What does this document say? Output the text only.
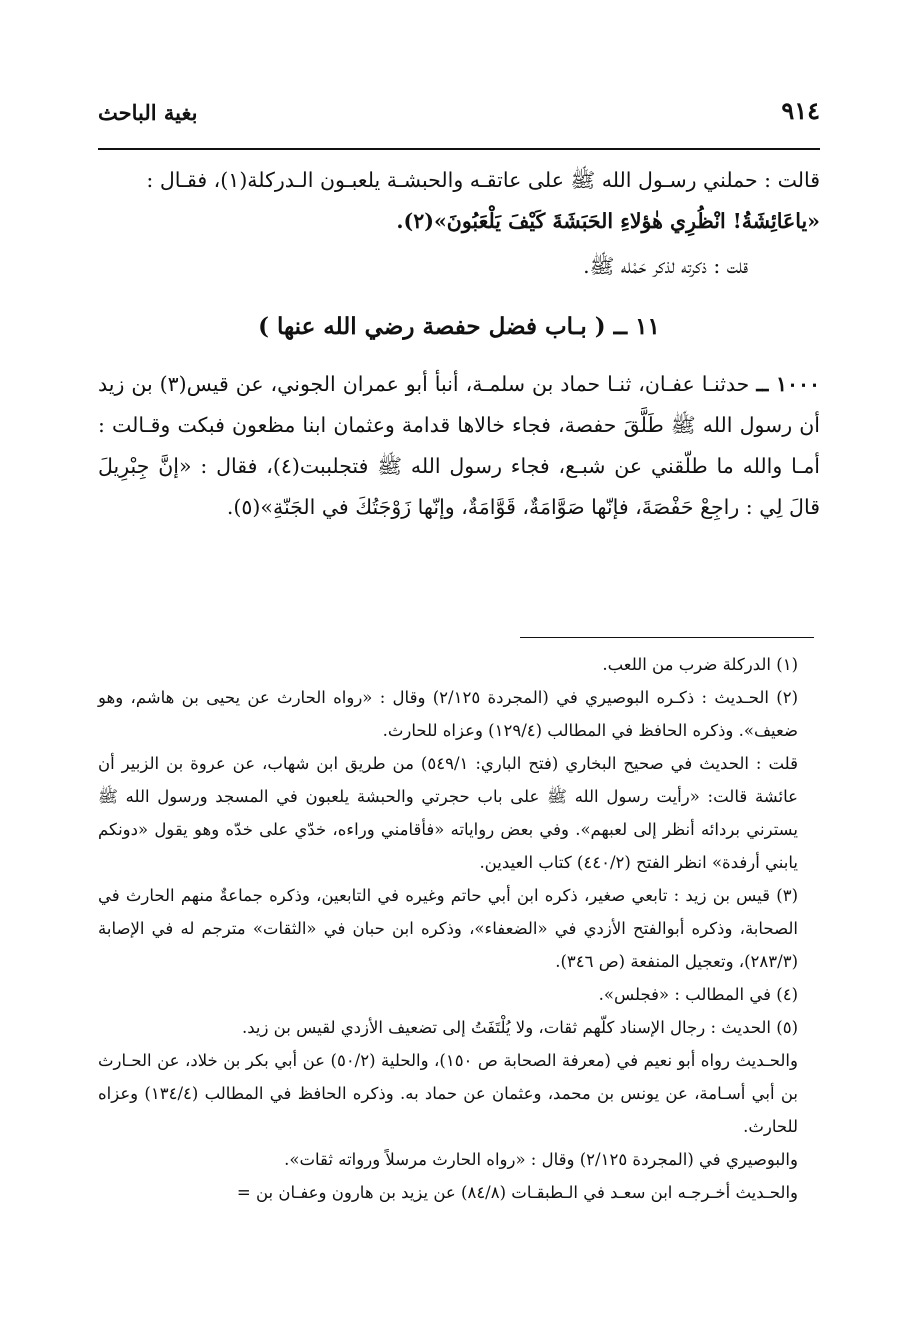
٩١٤
بغية الباحث

قالت : حملني رسـول الله ﷺ على عاتقـه والحبشـة يلعبـون الـدركلة(١)، فقـال :

«ياعَائِشَةُ! انْظُرِي هٰؤلاءِ الحَبَشَةَ كَيْفَ يَلْعَبُونَ»(٢).

قلت : ذكرته لذكر حَمْله ﷺ.

١١ ــ ( بـاب فضل حفصة رضي الله عنها )

١٠٠٠ ــ حدثنـا عفـان، ثنـا حماد بن سلمـة، أنبأ أبو عمران الجوني، عن قيس(٣) بن زيد أن رسول الله ﷺ طَلَّقَ حفصة، فجاء خالاها قدامة وعثمان ابنا مظعون فبكت وقـالت : أمـا والله ما طلّقني عن شبـع، فجاء رسول الله ﷺ فتجلببت(٤)، فقال : «إنَّ جِبْرِيلَ قالَ لِي : راجِعْ حَفْصَةَ، فإنّها صَوَّامَةٌ، قَوَّامَةٌ، وإنّها زَوْجَتُكَ في الجَنّةِ»(٥).

(١) الدركلة ضرب من اللعب.

(٢) الحـديث : ذكـره البوصيري في (المجردة ٢/١٢٥) وقال : «رواه الحارث عن يحيى بن هاشم، وهو ضعيف». وذكره الحافظ في المطالب (١٢٩/٤) وعزاه للحارث.

قلت : الحديث في صحيح البخاري (فتح الباري: ٥٤٩/١) من طريق ابن شهاب، عن عروة بن الزبير أن عائشة قالت: «رأيت رسول الله ﷺ على باب حجرتي والحبشة يلعبون في المسجد ورسول الله ﷺ يسترني بردائه أنظر إلى لعبهم». وفي بعض رواياته «فأقامني وراءه، خدّي على خدّه وهو يقول «دونكم يابني أرفدة» انظر الفتح (٤٤٠/٢) كتاب العيدين.

(٣) قيس بن زيد : تابعي صغير، ذكره ابن أبي حاتم وغيره في التابعين، وذكره جماعةٌ منهم الحارث في الصحابة، وذكره أبوالفتح الأزدي في «الضعفاء»، وذكره ابن حبان في «الثقات» مترجم له في الإصابة (٢٨٣/٣)، وتعجيل المنفعة (ص ٣٤٦).

(٤) في المطالب : «فجلس».

(٥) الحديث : رجال الإسناد كلّهم ثقات، ولا يُلْتَفَتُ إلى تضعيف الأزدي لقيس بن زيد.

والحـديث رواه أبو نعيم في (معرفة الصحابة ص ١٥٠)، والحلية (٥٠/٢) عن أبي بكر بن خلاد، عن الحـارث بن أبي أسـامة، عن يونس بن محمد، وعثمان عن حماد به. وذكره الحافظ في المطالب (١٣٤/٤) وعزاه للحارث.

والبوصيري في (المجردة ٢/١٢٥) وقال : «رواه الحارث مرسلاً ورواته ثقات».

والحـديث أخـرجـه ابن سعـد في الـطبقـات (٨٤/٨) عن يزيد بن هارون وعفـان بن =
